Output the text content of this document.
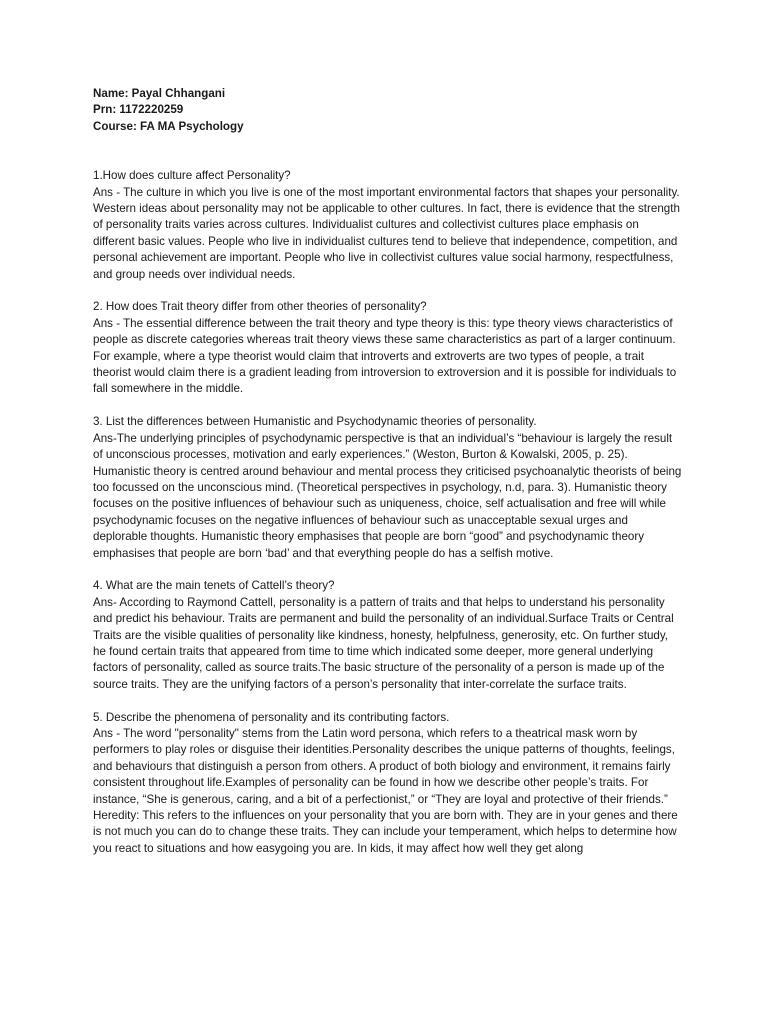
Name: Payal Chhangani
Prn: 1172220259
Course: FA MA Psychology
1.How does culture affect Personality?
Ans - The culture in which you live is one of the most important environmental factors that shapes your personality. Western ideas about personality may not be applicable to other cultures. In fact, there is evidence that the strength of personality traits varies across cultures. Individualist cultures and collectivist cultures place emphasis on different basic values. People who live in individualist cultures tend to believe that independence, competition, and personal achievement are important. People who live in collectivist cultures value social harmony, respectfulness, and group needs over individual needs.
2. How does Trait theory differ from other theories of personality?
Ans - The essential difference between the trait theory and type theory is this: type theory views characteristics of people as discrete categories whereas trait theory views these same characteristics as part of a larger continuum. For example, where a type theorist would claim that introverts and extroverts are two types of people, a trait theorist would claim there is a gradient leading from introversion to extroversion and it is possible for individuals to fall somewhere in the middle.
3. List the differences between Humanistic and Psychodynamic theories of personality.
Ans-The underlying principles of psychodynamic perspective is that an individual’s “behaviour is largely the result of unconscious processes, motivation and early experiences.” (Weston, Burton & Kowalski, 2005, p. 25). Humanistic theory is centred around behaviour and mental process they criticised psychoanalytic theorists of being too focussed on the unconscious mind. (Theoretical perspectives in psychology, n.d, para. 3). Humanistic theory focuses on the positive influences of behaviour such as uniqueness, choice, self actualisation and free will while psychodynamic focuses on the negative influences of behaviour such as unacceptable sexual urges and deplorable thoughts. Humanistic theory emphasises that people are born “good” and psychodynamic theory emphasises that people are born ‘bad’ and that everything people do has a selfish motive.
4. What are the main tenets of Cattell’s theory?
Ans- According to Raymond Cattell, personality is a pattern of traits and that helps to understand his personality and predict his behaviour. Traits are permanent and build the personality of an individual.Surface Traits or Central Traits are the visible qualities of personality like kindness, honesty, helpfulness, generosity, etc. On further study, he found certain traits that appeared from time to time which indicated some deeper, more general underlying factors of personality, called as source traits.The basic structure of the personality of a person is made up of the source traits. They are the unifying factors of a person’s personality that inter-correlate the surface traits.
5. Describe the phenomena of personality and its contributing factors.
Ans - The word "personality" stems from the Latin word persona, which refers to a theatrical mask worn by performers to play roles or disguise their identities.Personality describes the unique patterns of thoughts, feelings, and behaviours that distinguish a person from others. A product of both biology and environment, it remains fairly consistent throughout life.Examples of personality can be found in how we describe other people’s traits. For instance, “She is generous, caring, and a bit of a perfectionist,” or “They are loyal and protective of their friends.” Heredity: This refers to the influences on your personality that you are born with. They are in your genes and there is not much you can do to change these traits. They can include your temperament, which helps to determine how you react to situations and how easygoing you are. In kids, it may affect how well they get along
